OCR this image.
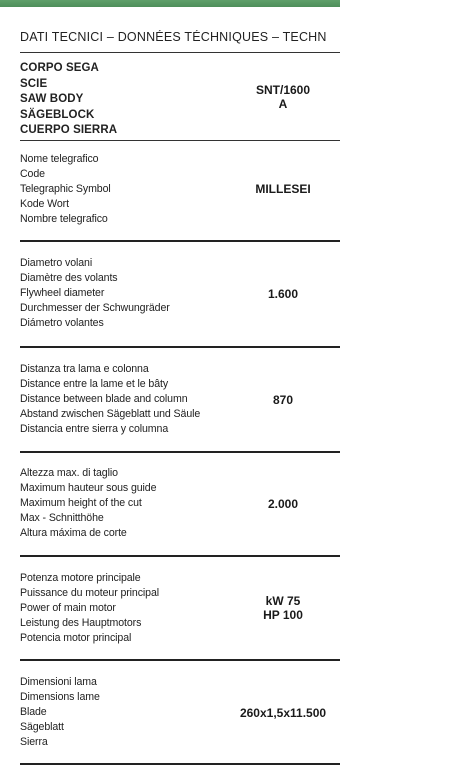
DATI TECNICI – DONNÉES TÉCHNIQUES – TECHN
CORPO SEGA
SCIE
SAW BODY
SÄGEBLOCK
CUERPO SIERRA
SNT/1600
A
Nome telegrafico
Code
Telegraphic Symbol
Kode Wort
Nombre telegrafico
MILLESEI
Diametro volani
Diamètre des volants
Flywheel diameter
Durchmesser der Schwungräder
Diámetro volantes
1.600
Distanza tra lama e colonna
Distance entre la lame et le bâty
Distance between blade and column
Abstand zwischen Sägeblatt und Säule
Distancia entre sierra y columna
870
Altezza max. di taglio
Maximum hauteur sous guide
Maximum height of the cut
Max - Schnitthöhe
Altura máxima de corte
2.000
Potenza motore principale
Puissance du moteur principal
Power of main motor
Leistung des Hauptmotors
Potencia motor principal
kW 75
HP 100
Dimensioni lama
Dimensions lame
Blade
Sägeblatt
Sierra
260x1,5x11.500
